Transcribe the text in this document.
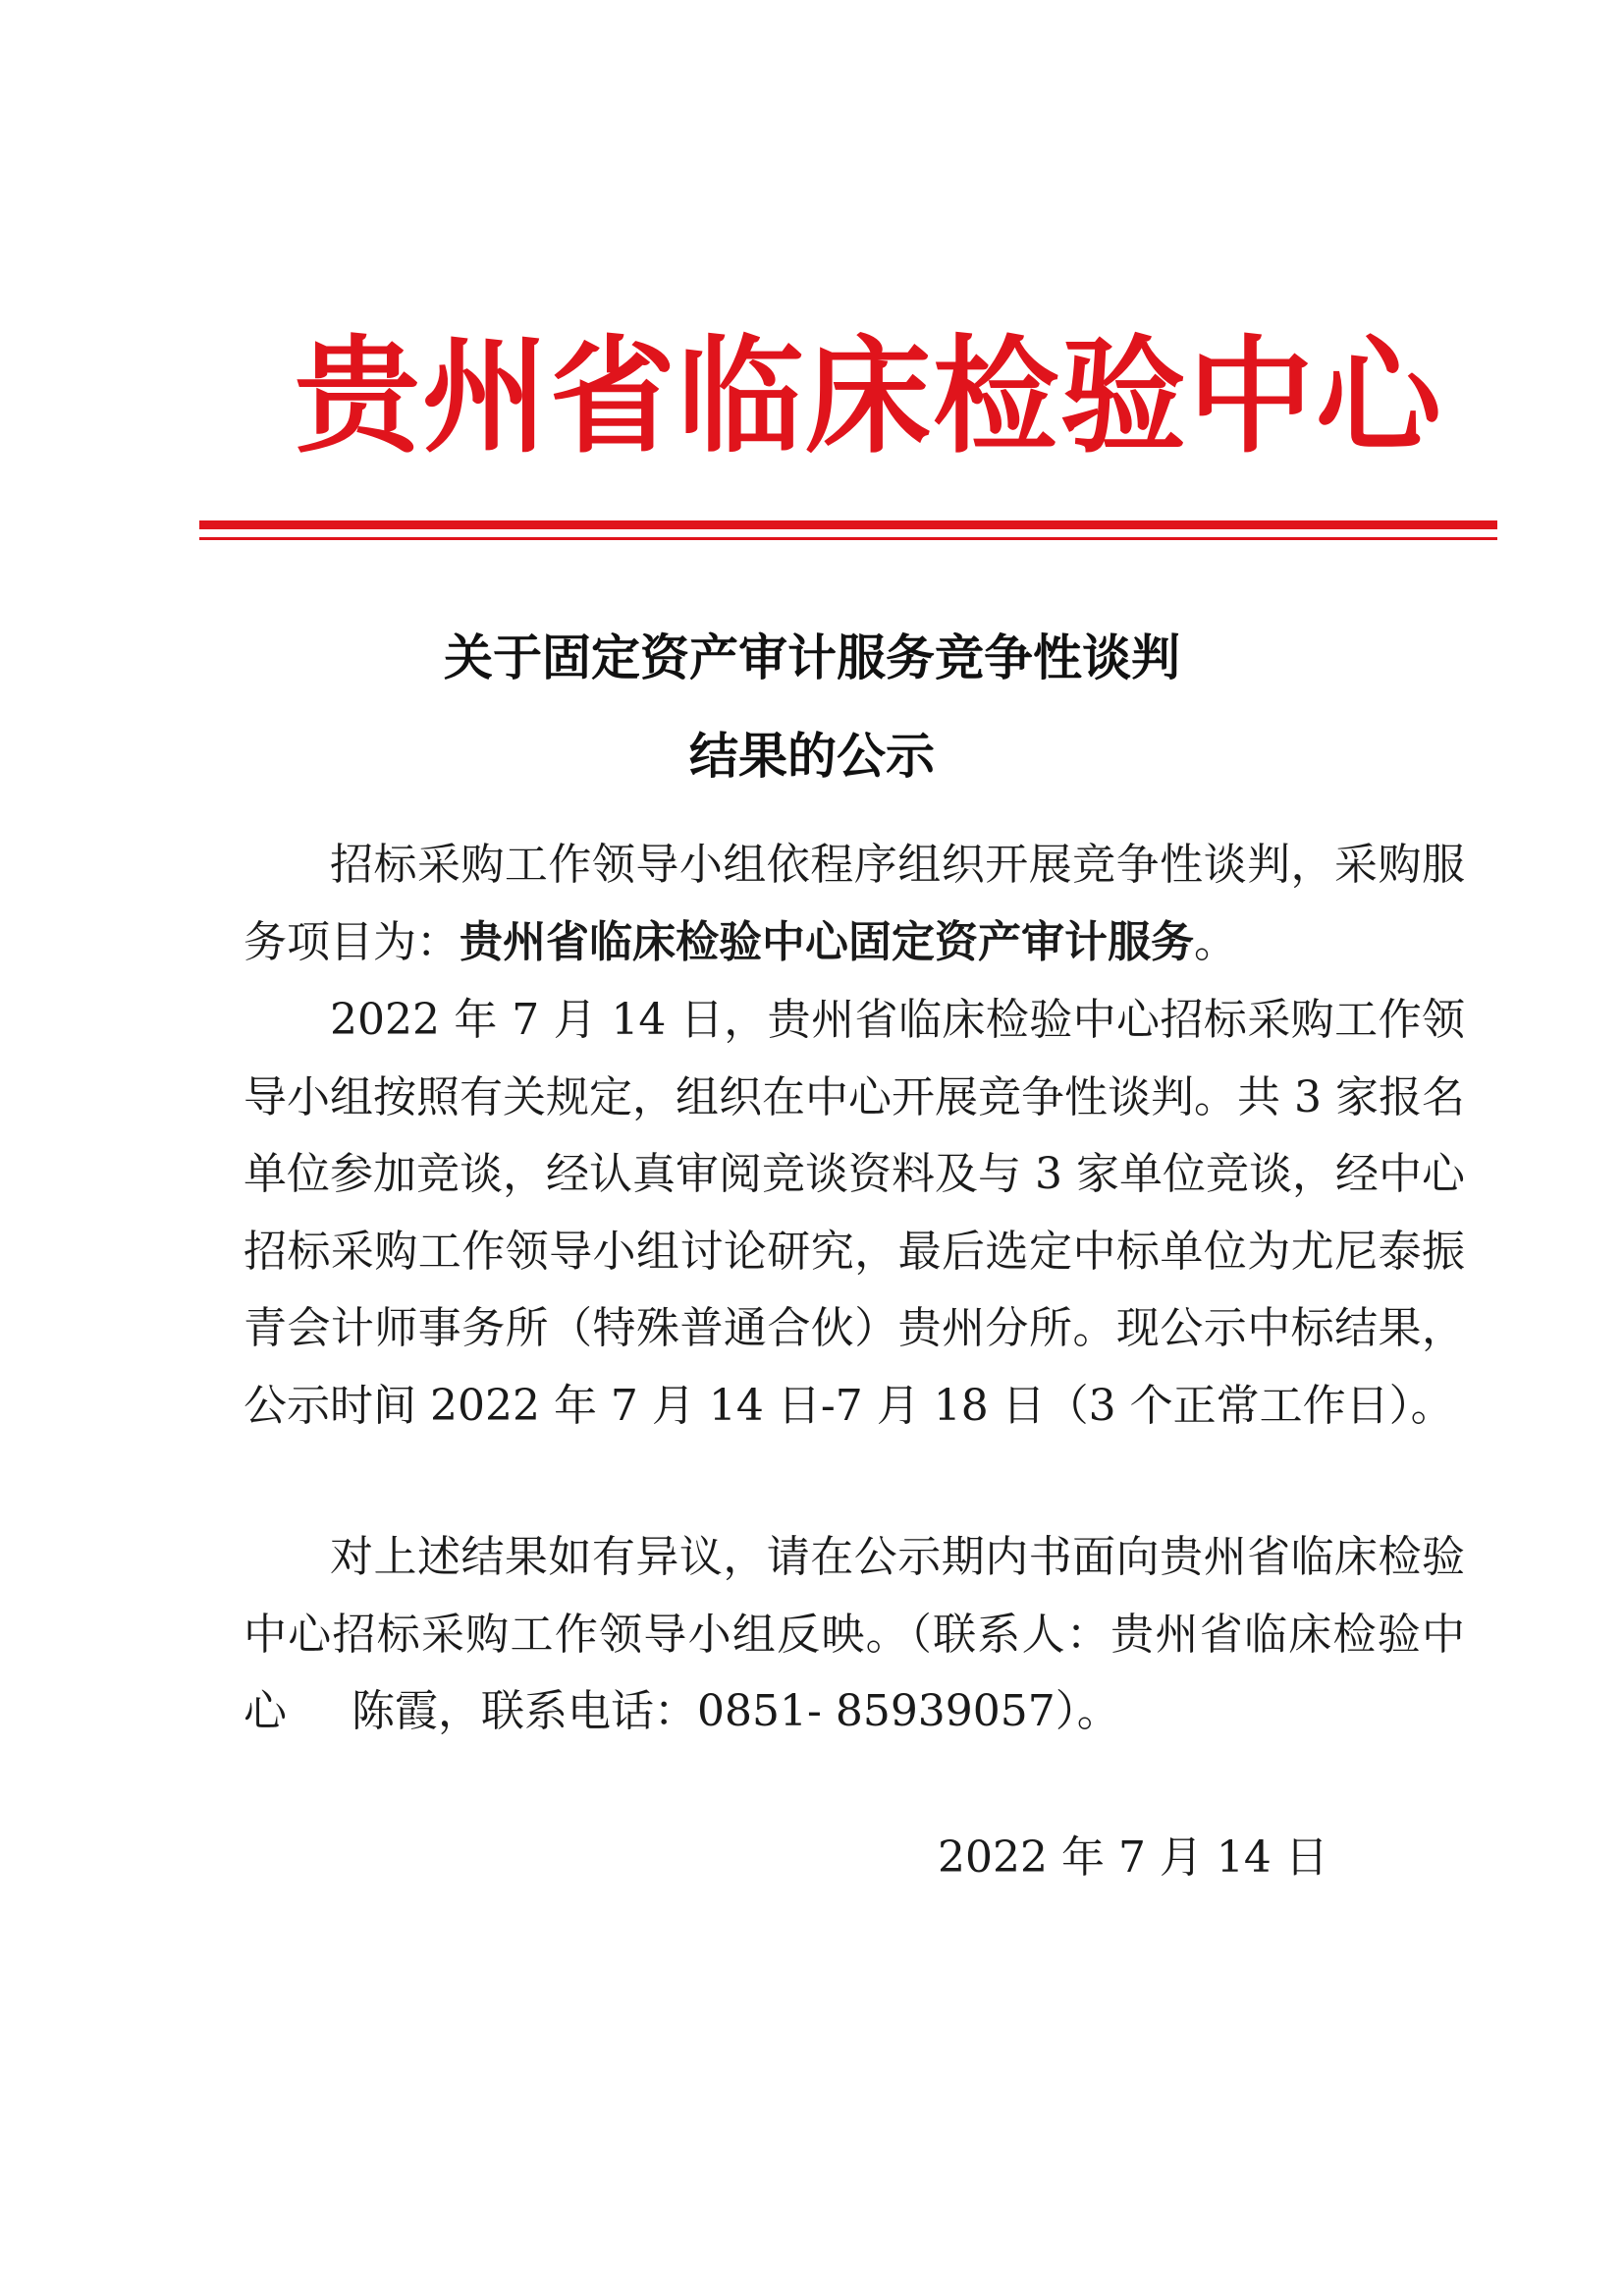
贵州省临床检验中心
关于固定资产审计服务竞争性谈判
结果的公示

招标采购工作领导小组依程序组织开展竞争性谈判，采购服务项目为：贵州省临床检验中心固定资产审计服务。

2022 年 7 月 14 日，贵州省临床检验中心招标采购工作领导小组按照有关规定，组织在中心开展竞争性谈判。共 3 家报名单位参加竞谈，经认真审阅竞谈资料及与 3 家单位竞谈，经中心招标采购工作领导小组讨论研究，最后选定中标单位为尤尼泰振青会计师事务所（特殊普通合伙）贵州分所。现公示中标结果，公示时间 2022 年 7 月 14 日-7 月 18 日（3 个正常工作日）。

对上述结果如有异议，请在公示期内书面向贵州省临床检验中心招标采购工作领导小组反映。（联系人：贵州省临床检验中心 陈霞，联系电话：0851- 85939057）。

2022 年 7 月 14 日
